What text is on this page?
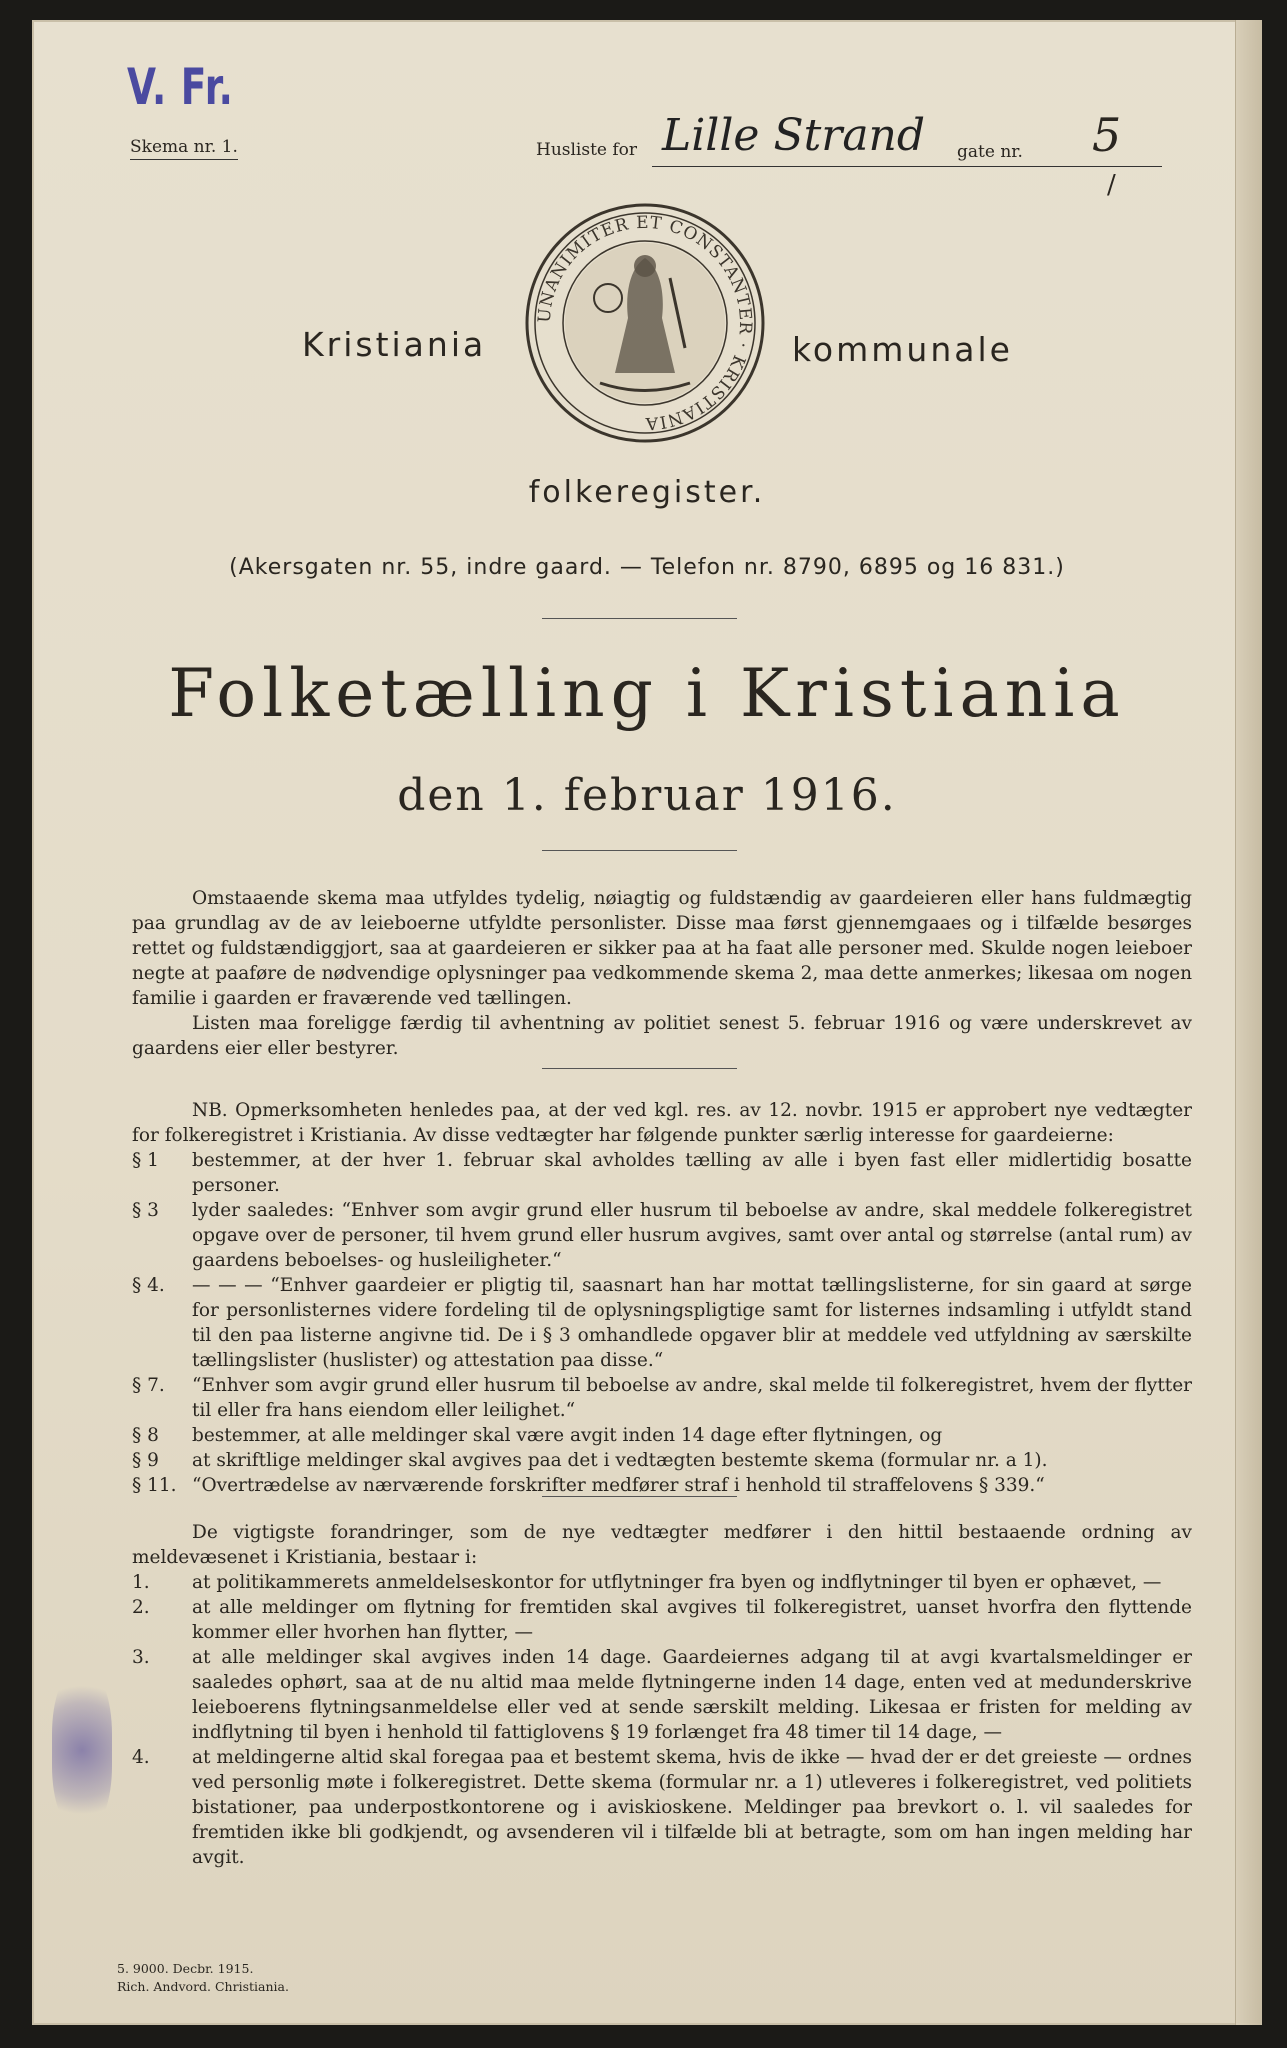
V. Fr.
Skema nr. 1.	Husliste for Lille Strand gate nr. 5
/
Kristiania
UNANIMITER ET CONSTANTER · KRISTIANIA
kommunale
folkeregister.
(Akersgaten nr. 55, indre gaard. — Telefon nr. 8790, 6895 og 16 831.)
Folketælling i Kristiania
den 1. februar 1916.

Omstaaende skema maa utfyldes tydelig, nøiagtig og fuldstændig av gaardeieren eller hans fuldmægtig paa grundlag av de av leieboerne utfyldte personlister. Disse maa først gjennemgaaes og i tilfælde besørges rettet og fuldstændiggjort, saa at gaardeieren er sikker paa at ha faat alle personer med. Skulde nogen leieboer negte at paaføre de nødvendige oplysninger paa vedkommende skema 2, maa dette anmerkes; likesaa om nogen familie i gaarden er fraværende ved tællingen.

Listen maa foreligge færdig til avhentning av politiet senest 5. februar 1916 og være underskrevet av gaardens eier eller bestyrer.

NB. Opmerksomheten henledes paa, at der ved kgl. res. av 12. novbr. 1915 er approbert nye vedtægter for folkeregistret i Kristiania. Av disse vedtægter har følgende punkter særlig interesse for gaardeierne:

§ 1	bestemmer, at der hver 1. februar skal avholdes tælling av alle i byen fast eller midlertidig bosatte personer.
§ 3	lyder saaledes: “Enhver som avgir grund eller husrum til beboelse av andre, skal meddele folkeregistret opgave over de personer, til hvem grund eller husrum avgives, samt over antal og størrelse (antal rum) av gaardens beboelses- og husleiligheter.“
§ 4.	— — — “Enhver gaardeier er pligtig til, saasnart han har mottat tællingslisterne, for sin gaard at sørge for personlisternes videre fordeling til de oplysningspligtige samt for listernes indsamling i utfyldt stand til den paa listerne angivne tid. De i § 3 omhandlede opgaver blir at meddele ved utfyldning av særskilte tællingslister (huslister) og attestation paa disse.“
§ 7.	“Enhver som avgir grund eller husrum til beboelse av andre, skal melde til folkeregistret, hvem der flytter til eller fra hans eiendom eller leilighet.“
§ 8	bestemmer, at alle meldinger skal være avgit inden 14 dage efter flytningen, og
§ 9	at skriftlige meldinger skal avgives paa det i vedtægten bestemte skema (formular nr. a 1).
§ 11. “Overtrædelse av nærværende forskrifter medfører straf i henhold til straffelovens § 339.“

De vigtigste forandringer, som de nye vedtægter medfører i den hittil bestaaende ordning av meldevæsenet i Kristiania, bestaar i:

1.	at politikammerets anmeldelseskontor for utflytninger fra byen og indflytninger til byen er ophævet, —
2.	at alle meldinger om flytning for fremtiden skal avgives til folkeregistret, uanset hvorfra den flyttende kommer eller hvorhen han flytter, —
3.	at alle meldinger skal avgives inden 14 dage. Gaardeiernes adgang til at avgi kvartalsmeldinger er saaledes ophørt, saa at de nu altid maa melde flytningerne inden 14 dage, enten ved at medunderskrive leieboerens flytningsanmeldelse eller ved at sende særskilt melding. Likesaa er fristen for melding av indflytning til byen i henhold til fattiglovens § 19 forlænget fra 48 timer til 14 dage, —
4.	at meldingerne altid skal foregaa paa et bestemt skema, hvis de ikke — hvad der er det greieste — ordnes ved personlig møte i folkeregistret. Dette skema (formular nr. a 1) utleveres i folkeregistret, ved politiets bistationer, paa underpostkontorene og i aviskioskene. Meldinger paa brevkort o. l. vil saaledes for fremtiden ikke bli godkjendt, og avsenderen vil i tilfælde bli at betragte, som om han ingen melding har avgit.
5. 9000. Decbr. 1915.
Rich. Andvord. Christiania.
